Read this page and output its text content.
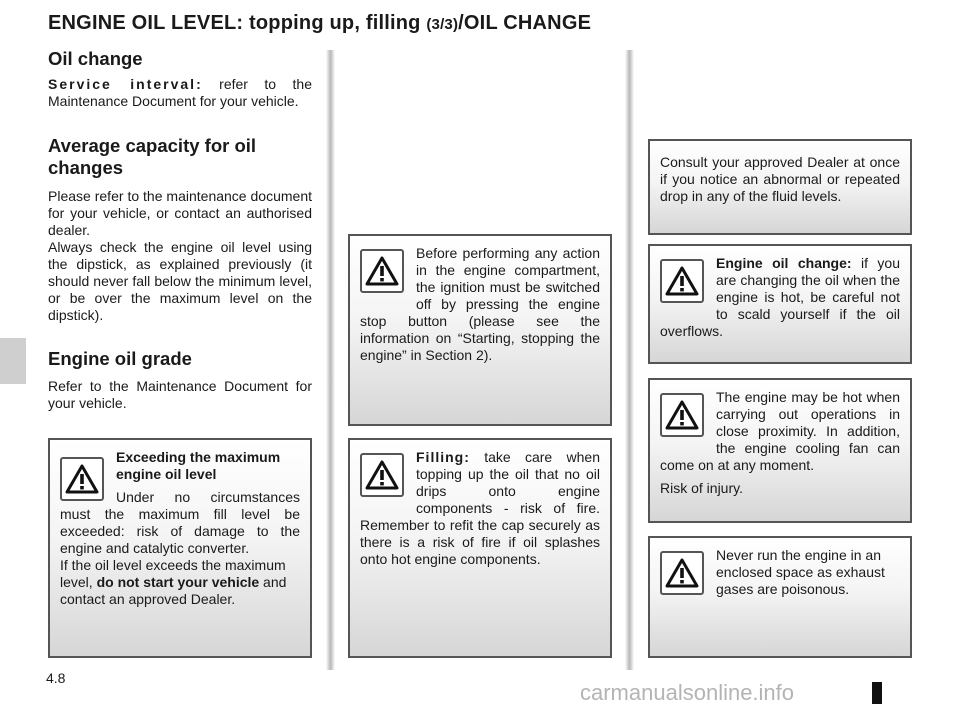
ENGINE OIL LEVEL: topping up, filling (3/3)/OIL CHANGE
Oil change

Service interval: refer to the Maintenance Document for your vehicle.

Average capacity for oil changes

Please refer to the maintenance document for your vehicle, or contact an authorised dealer.

Always check the engine oil level using the dipstick, as explained previously (it should never fall below the minimum level, or be over the maximum level on the dipstick).

Engine oil grade

Refer to the Maintenance Document for your vehicle.

Exceeding the maximum engine oil level

Under no circumstances must the maximum fill level be exceeded: risk of damage to the engine and catalytic converter.

If the oil level exceeds the maximum level, do not start your vehicle and contact an approved Dealer.

Before performing any action in the engine compartment, the ignition must be switched off by pressing the engine stop button (please see the information on “Starting, stopping the engine” in Section 2).

Filling: take care when topping up the oil that no oil drips onto engine components - risk of fire. Remember to refit the cap securely as there is a risk of fire if oil splashes onto hot engine components.

Consult your approved Dealer at once if you notice an abnormal or repeated drop in any of the fluid levels.

Engine oil change: if you are changing the oil when the engine is hot, be careful not to scald yourself if the oil overflows.

The engine may be hot when carrying out operations in close proximity. In addition, the engine cooling fan can come on at any moment.

Risk of injury.

Never run the engine in an enclosed space as exhaust gases are poisonous.

4.8
carmanualsonline.info
